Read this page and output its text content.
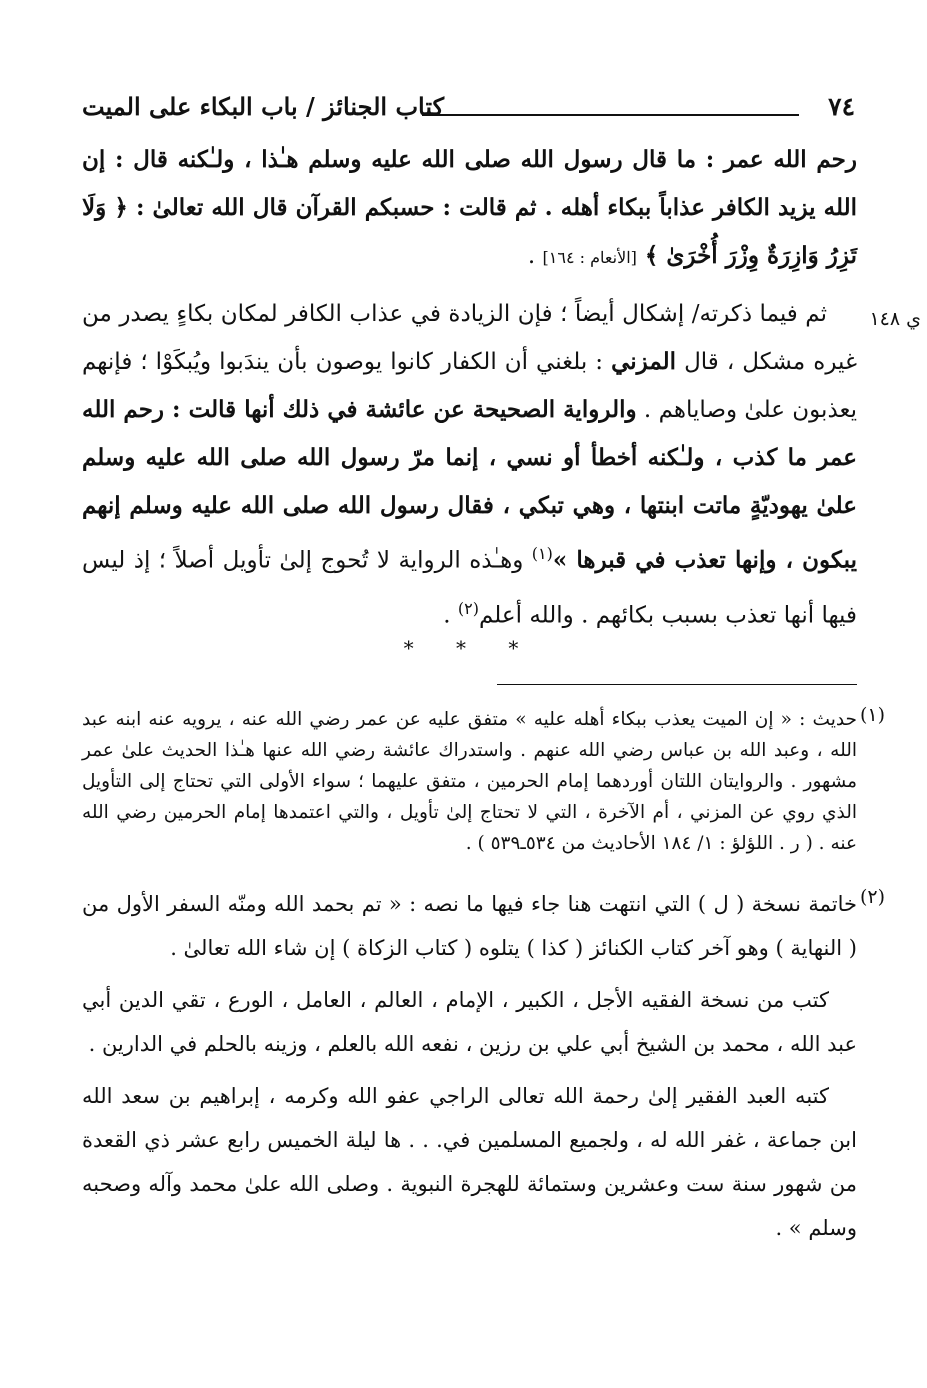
٧٤
كتاب الجنائز / باب البكاء على الميت
رحم الله عمر : ما قال رسول الله صلى الله عليه وسلم هـٰذا ، ولـٰكنه قال : إن الله يزيد الكافر عذاباً ببكاء أهله . ثم قالت : حسبكم القرآن قال الله تعالىٰ : ﴿ وَلَا تَزِرُ وَازِرَةٌ وِزْرَ أُخْرَىٰ ﴾ [الأنعام : ١٦٤] .
ي ١٤٨
ثم فيما ذكرته/ إشكال أيضاً ؛ فإن الزيادة في عذاب الكافر لمكان بكاءٍ يصدر من غيره مشكل ، قال المزني : بلغني أن الكفار كانوا يوصون بأن يندَبوا ويُبكَوْا ؛ فإنهم يعذبون علىٰ وصاياهم . والرواية الصحيحة عن عائشة في ذلك أنها قالت : رحم الله عمر ما كذب ، ولـٰكنه أخطأ أو نسي ، إنما مرّ رسول الله صلى الله عليه وسلم علىٰ يهوديّةٍ ماتت ابنتها ، وهي تبكي ، فقال رسول الله صلى الله عليه وسلم إنهم يبكون ، وإنها تعذب في قبرها »$^{(١)}$ وهـٰذه الرواية لا تُحوج إلىٰ تأويل أصلاً ؛ إذ ليس فيها أنها تعذب بسبب بكائهم . والله أعلم$^{(٢)}$ .
* * *
(١)
حديث : « إن الميت يعذب ببكاء أهله عليه » متفق عليه عن عمر رضي الله عنه ، يرويه عنه ابنه عبد الله ، وعبد الله بن عباس رضي الله عنهم . واستدراك عائشة رضي الله عنها هـٰذا الحديث علىٰ عمر مشهور . والروايتان اللتان أوردهما إمام الحرمين ، متفق عليهما ؛ سواء الأولى التي تحتاج إلى التأويل الذي روي عن المزني ، أم الآخرة ، التي لا تحتاج إلىٰ تأويل ، والتي اعتمدها إمام الحرمين رضي الله عنه . ( ر . اللؤلؤ : ١/ ١٨٤ الأحاديث من ٥٣٤ـ٥٣٩ ) .
(٢)
خاتمة نسخة ( ل ) التي انتهت هنا جاء فيها ما نصه : « تم بحمد الله ومنّه السفر الأول من ( النهاية ) وهو آخر كتاب الكنائز ( كذا ) يتلوه ( كتاب الزكاة ) إن شاء الله تعالىٰ .

كتب من نسخة الفقيه الأجل ، الكبير ، الإمام ، العالم ، العامل ، الورع ، تقي الدين أبي عبد الله ، محمد بن الشيخ أبي علي بن رزين ، نفعه الله بالعلم ، وزينه بالحلم في الدارين .

كتبه العبد الفقير إلىٰ رحمة الله تعالى الراجي عفو الله وكرمه ، إبراهيم بن سعد الله ابن جماعة ، غفر الله له ، ولجميع المسلمين في. . . ها ليلة الخميس رابع عشر ذي القعدة من شهور سنة ست وعشرين وستمائة للهجرة النبوية . وصلى الله علىٰ محمد وآله وصحبه وسلم » .
